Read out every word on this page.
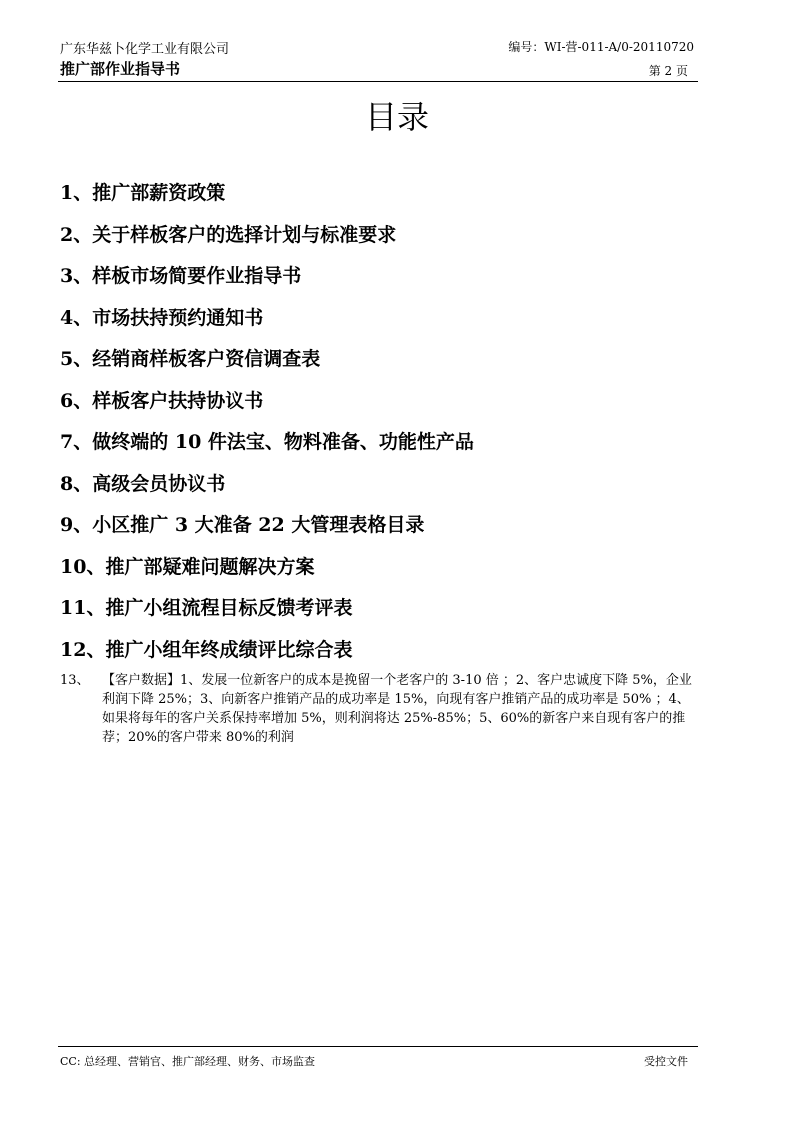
广东华兹卜化学工业有限公司	编号：WI-营-011-A/0-20110720
推广部作业指导书	第 2 页
目录
1、推广部薪资政策
2、关于样板客户的选择计划与标准要求
3、样板市场简要作业指导书
4、市场扶持预约通知书
5、经销商样板客户资信调查表
6、样板客户扶持协议书
7、做终端的 10 件法宝、物料准备、功能性产品
8、高级会员协议书
9、小区推广 3 大准备 22 大管理表格目录
10、推广部疑难问题解决方案
11、推广小组流程目标反馈考评表
12、推广小组年终成绩评比综合表
13、 【客户数据】1、发展一位新客户的成本是挽留一个老客户的 3-10 倍 ；2、客户忠诚度下降 5%，企业利润下降 25%；3、向新客户推销产品的成功率是 15%，向现有客户推销产品的成功率是 50% ；4、如果将每年的客户关系保持率增加 5%，则利润将达 25%-85%；5、60%的新客户来自现有客户的推荐；20%的客户带来 80%的利润
CC: 总经理、营销官、推广部经理、财务、市场监查	受控文件
